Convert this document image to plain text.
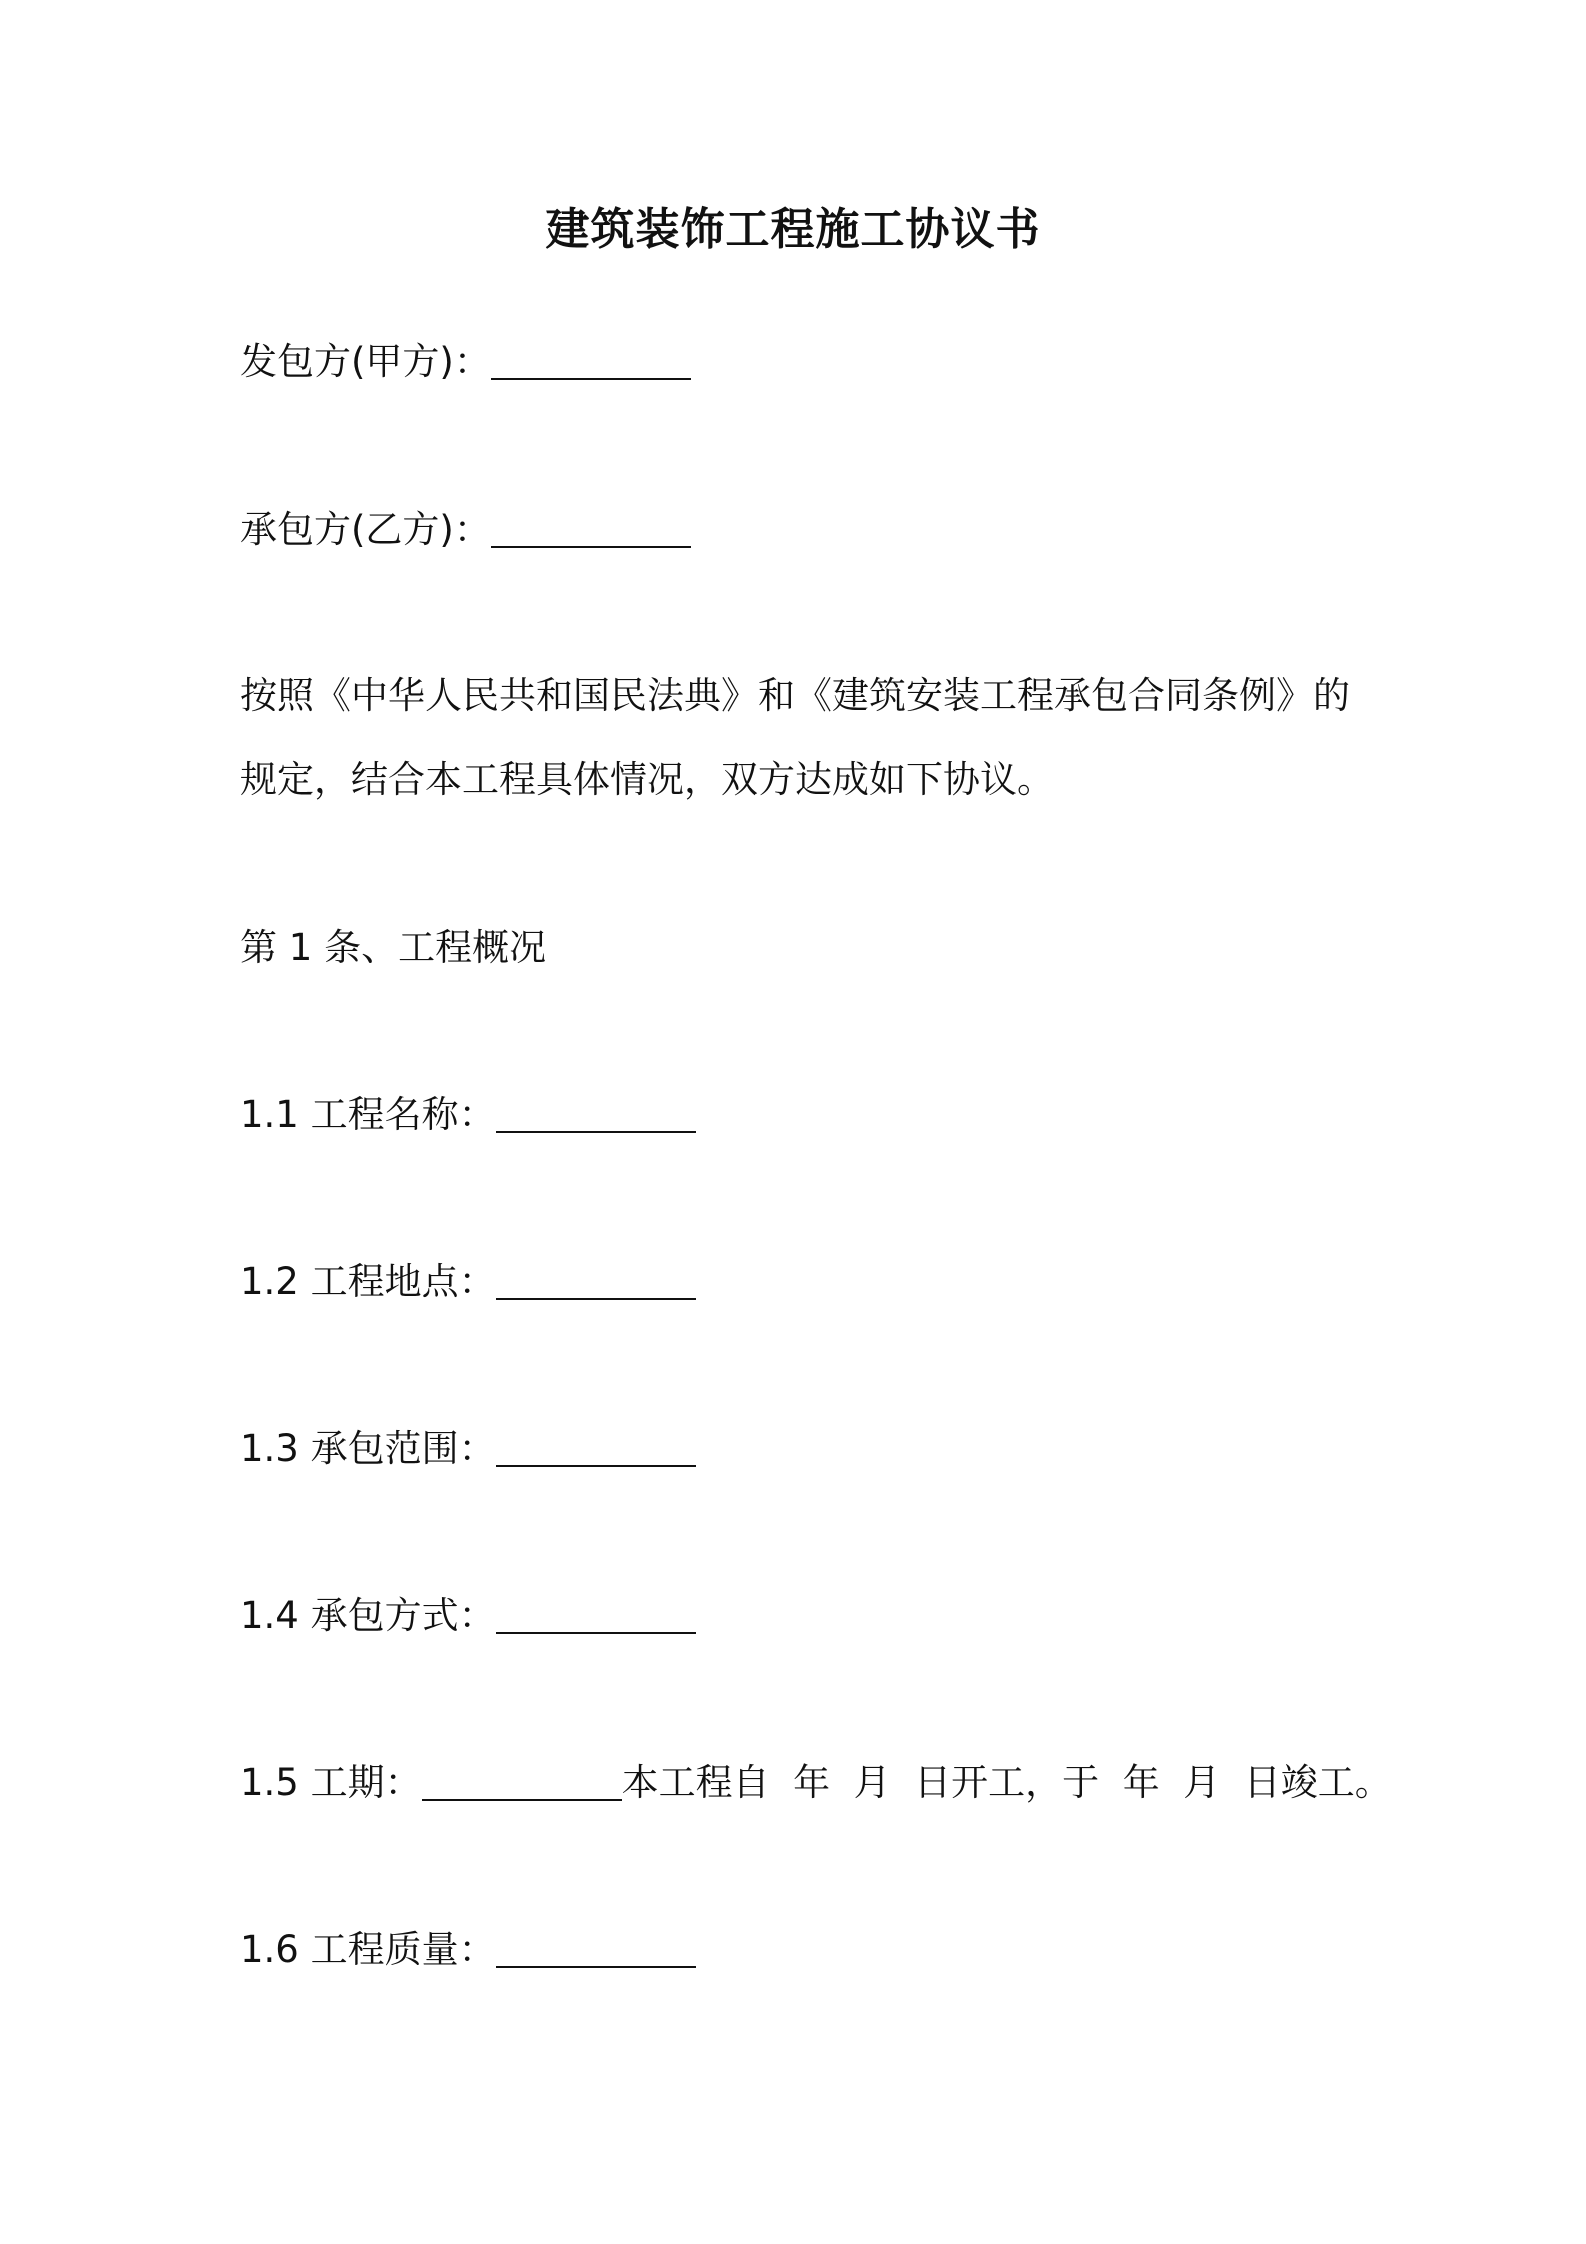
建筑装饰工程施工协议书
发包方(甲方)：
承包方(乙方)：
按照《中华人民共和国民法典》和《建筑安装工程承包合同条例》的
规定，结合本工程具体情况，双方达成如下协议。
第 1 条、工程概况
1.1 工程名称：
1.2 工程地点：
1.3 承包范围：
1.4 承包方式：
1.5 工期：	本工程自  年  月  日开工，于  年  月  日竣工。
1.6 工程质量：
